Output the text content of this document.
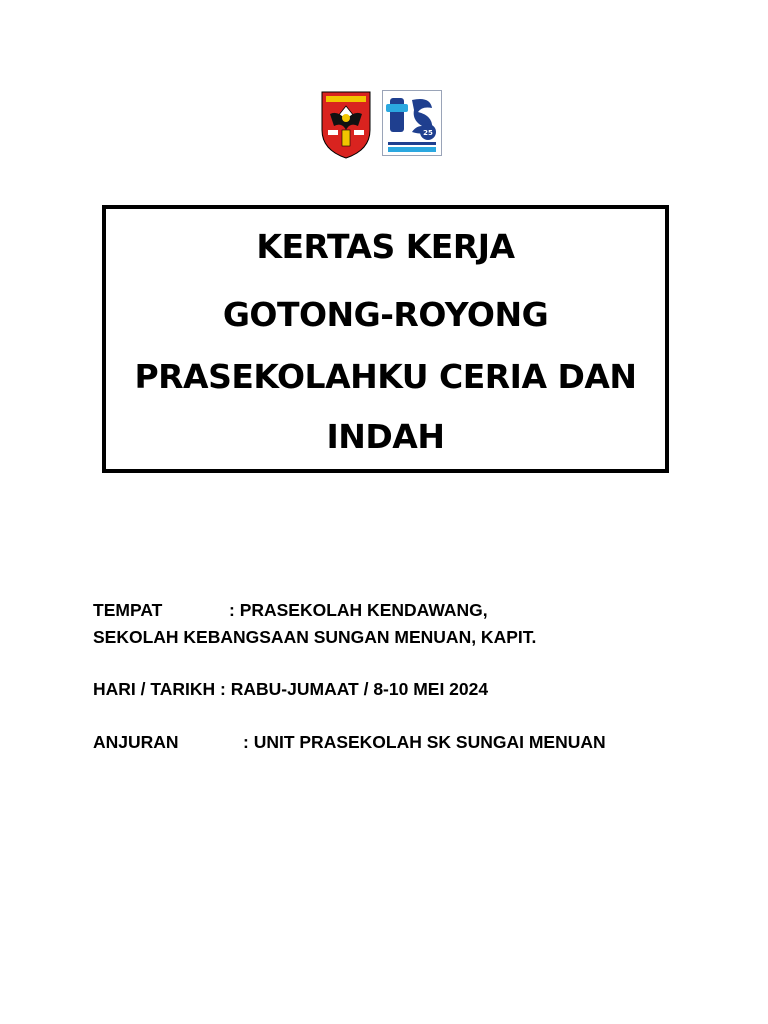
25
KERTAS KERJA
GOTONG-ROYONG
PRASEKOLAHKU CERIA DAN
INDAH
TEMPAT	: PRASEKOLAH KENDAWANG,
SEKOLAH KEBANGSAAN SUNGAN MENUAN, KAPIT.
HARI / TARIKH : RABU-JUMAAT / 8-10 MEI 2024
ANJURAN	: UNIT PRASEKOLAH SK SUNGAI MENUAN
